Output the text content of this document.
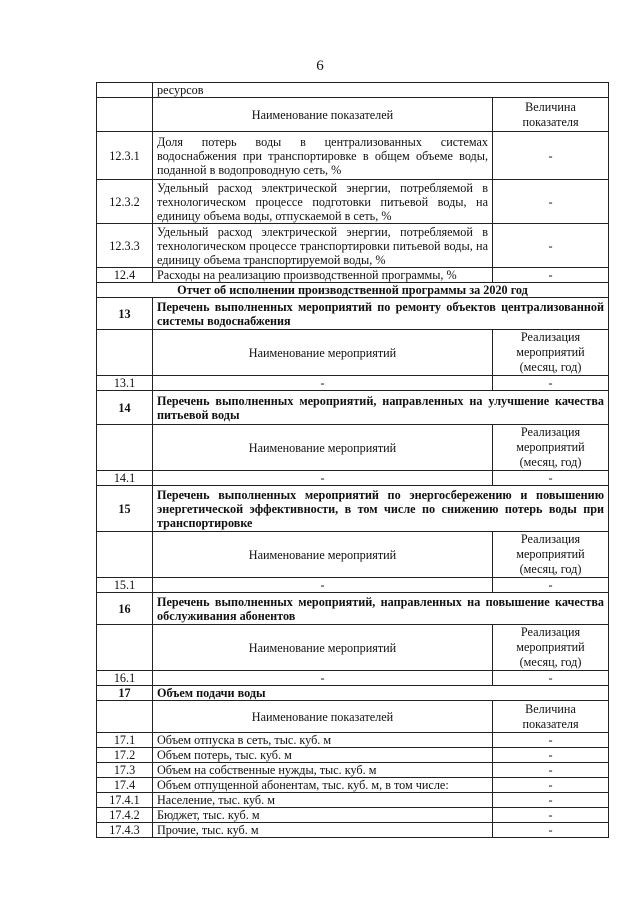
6
	ресурсов	
	Наименование показателей	Величина показателя
12.3.1	Доля потерь воды в централизованных системах водоснабжения при транспортировке в общем объеме воды, поданной в водопроводную сеть, %	-
12.3.2	Удельный расход электрической энергии, потребляемой в технологическом процессе подготовки питьевой воды, на единицу объема воды, отпускаемой в сеть, %	-
12.3.3	Удельный расход электрической энергии, потребляемой в технологическом процессе транспортировки питьевой воды, на единицу объема транспортируемой воды, %	-
12.4	Расходы на реализацию производственной программы, %	-
Отчет об исполнении производственной программы за 2020 год		
13	Перечень выполненных мероприятий по ремонту объектов централизованной системы водоснабжения	
	Наименование мероприятий	Реализация мероприятий (месяц, год)
13.1	-	-
14	Перечень выполненных мероприятий, направленных на улучшение качества питьевой воды	
	Наименование мероприятий	Реализация мероприятий (месяц, год)
14.1	-	-
15	Перечень выполненных мероприятий по энергосбережению и повышению энергетической эффективности, в том числе по снижению потерь воды при транспортировке	
	Наименование мероприятий	Реализация мероприятий (месяц, год)
15.1	-	-
16	Перечень выполненных мероприятий, направленных на повышение качества обслуживания абонентов	
	Наименование мероприятий	Реализация мероприятий (месяц, год)
16.1	-	-
17	Объем подачи воды	
	Наименование показателей	Величина показателя
17.1	Объем отпуска в сеть, тыс. куб. м	-
17.2	Объем потерь, тыс. куб. м	-
17.3	Объем на собственные нужды, тыс. куб. м	-
17.4	Объем отпущенной абонентам, тыс. куб. м, в том числе:	-
17.4.1	Население, тыс. куб. м	-
17.4.2	Бюджет, тыс. куб. м	-
17.4.3	Прочие, тыс. куб. м	-
